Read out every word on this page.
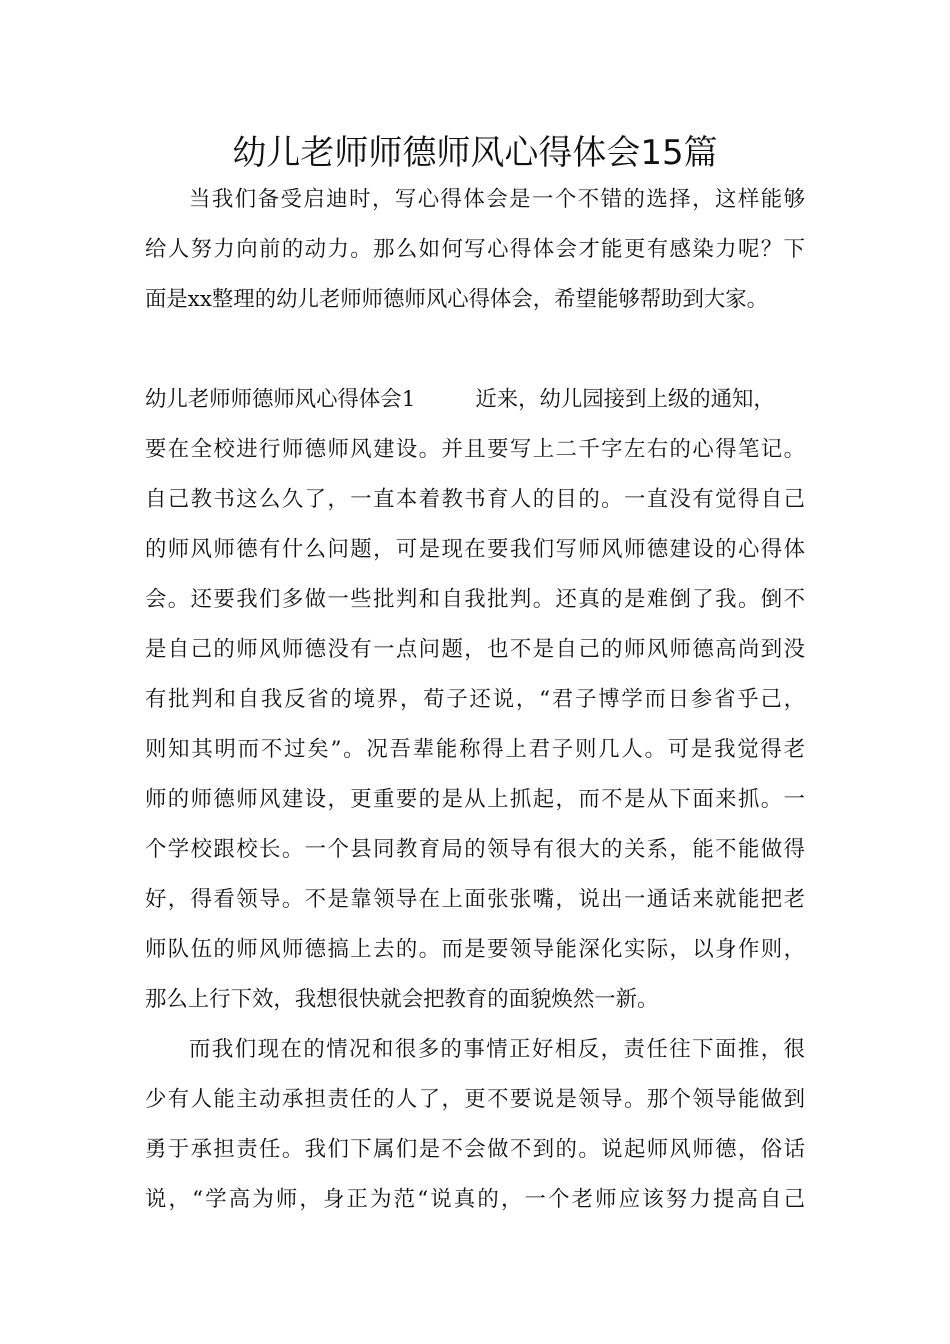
幼儿老师师德师风心得体会15篇

当我们备受启迪时，写心得体会是一个不错的选择，这样能够

给人努力向前的动力。那么如何写心得体会才能更有感染力呢？下

面是xx整理的幼儿老师师德师风心得体会，希望能够帮助到大家。

幼儿老师师德师风心得体会1	近来，幼儿园接到上级的通知，

要在全校进行师德师风建设。并且要写上二千字左右的心得笔记。

自己教书这么久了，一直本着教书育人的目的。一直没有觉得自己

的师风师德有什么问题，可是现在要我们写师风师德建设的心得体

会。还要我们多做一些批判和自我批判。还真的是难倒了我。倒不

是自己的师风师德没有一点问题，也不是自己的师风师德高尚到没

有批判和自我反省的境界，荀子还说，“君子博学而日参省乎己，

则知其明而不过矣”。况吾辈能称得上君子则几人。可是我觉得老

师的师德师风建设，更重要的是从上抓起，而不是从下面来抓。一

个学校跟校长。一个县同教育局的领导有很大的关系，能不能做得

好，得看领导。不是靠领导在上面张张嘴，说出一通话来就能把老

师队伍的师风师德搞上去的。而是要领导能深化实际，以身作则，

那么上行下效，我想很快就会把教育的面貌焕然一新。

而我们现在的情况和很多的事情正好相反，责任往下面推，很

少有人能主动承担责任的人了，更不要说是领导。那个领导能做到

勇于承担责任。我们下属们是不会做不到的。说起师风师德，俗话

说，“学高为师，身正为范“说真的，一个老师应该努力提高自己
